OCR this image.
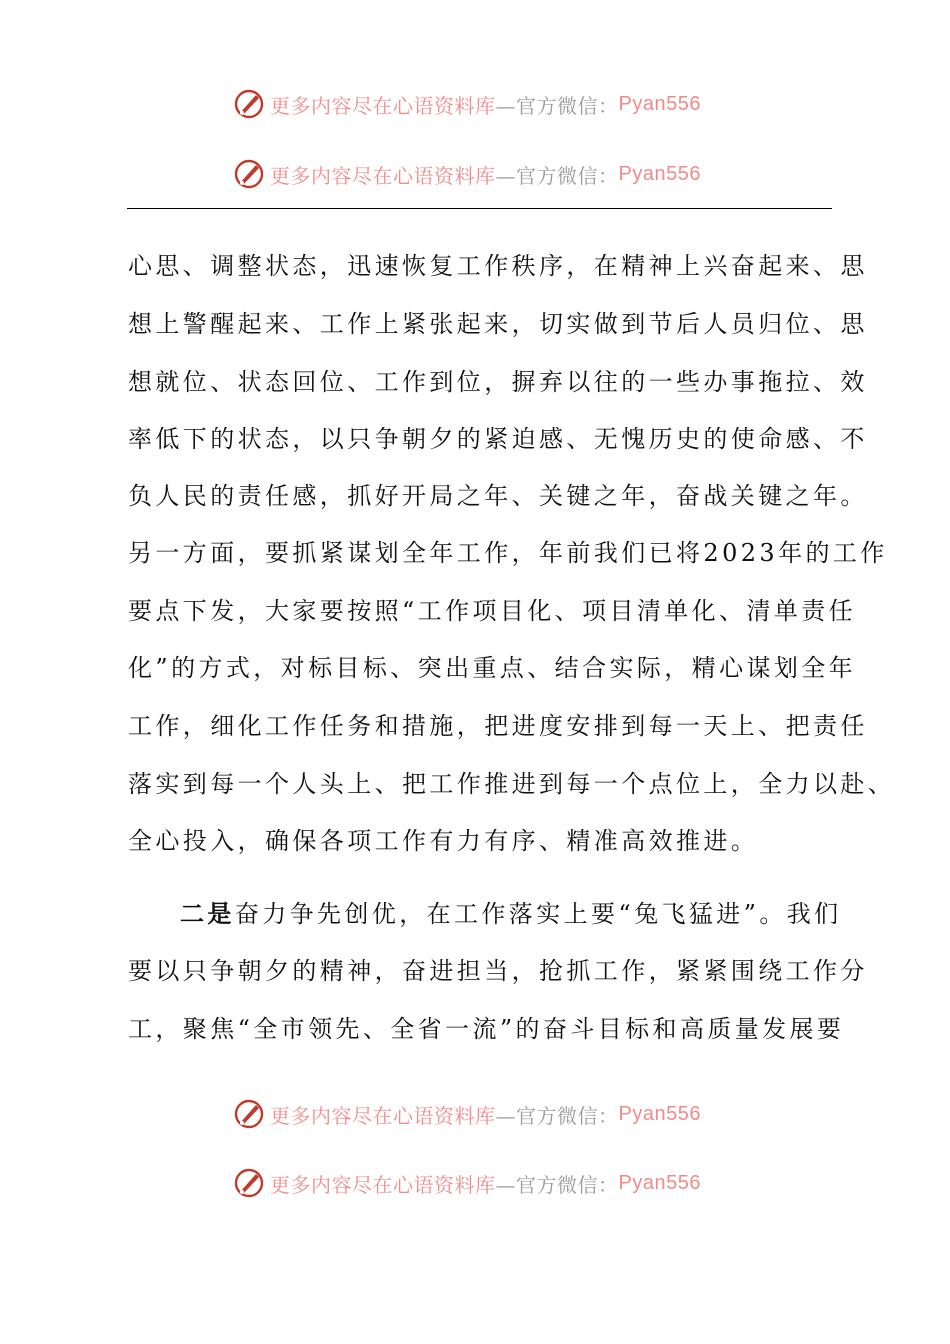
更多内容尽在心语资料库 —官方微信： Pyan556
更多内容尽在心语资料库 —官方微信： Pyan556
心思、调整状态，迅速恢复工作秩序，在精神上兴奋起来、思
想上警醒起来、工作上紧张起来，切实做到节后人员归位、思
想就位、状态回位、工作到位，摒弃以往的一些办事拖拉、效
率低下的状态，以只争朝夕的紧迫感、无愧历史的使命感、不
负人民的责任感，抓好开局之年、关键之年，奋战关键之年。
另一方面，要抓紧谋划全年工作，年前我们已将2023年的工作
要点下发，大家要按照“工作项目化、项目清单化、清单责任
化”的方式，对标目标、突出重点、结合实际，精心谋划全年
工作，细化工作任务和措施，把进度安排到每一天上、把责任
落实到每一个人头上、把工作推进到每一个点位上，全力以赴、
全心投入，确保各项工作有力有序、精准高效推进。
二是奋力争先创优，在工作落实上要“兔飞猛进”。我们
要以只争朝夕的精神，奋进担当，抢抓工作，紧紧围绕工作分
工，聚焦“全市领先、全省一流”的奋斗目标和高质量发展要
更多内容尽在心语资料库 —官方微信： Pyan556
更多内容尽在心语资料库 —官方微信： Pyan556
